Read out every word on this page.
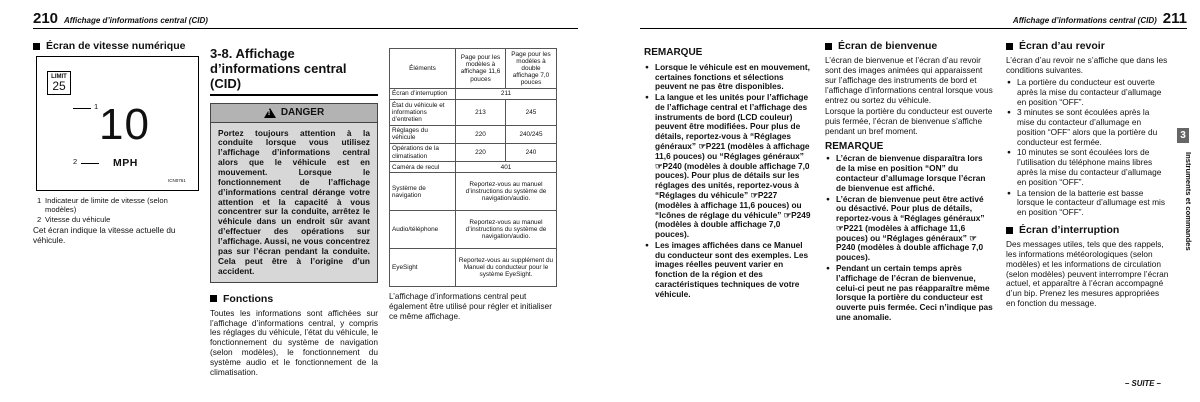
210 Affichage d’informations central (CID)	Affichage d’informations central (CID) 211
Écran de vitesse numérique
LIMIT
25
1
2
10
MPH
ICN0761
1 Indicateur de limite de vitesse (selon modèles)
2 Vitesse du véhicule

Cet écran indique la vitesse actuelle du véhicule.

3-8. Affichage d’informations central (CID)
! DANGER
Portez toujours attention à la conduite lorsque vous utilisez l’affichage d’informations central alors que le véhicule est en mouvement. Lorsque le fonctionnement de l’affichage d’informations central dérange votre attention et la capacité à vous concentrer sur la conduite, arrêtez le véhicule dans un endroit sûr avant d’effectuer des opérations sur l’affichage. Aussi, ne vous concentrez pas sur l’écran pendant la conduite. Cela peut être à l’origine d’un accident.
Fonctions

Toutes les informations sont affichées sur l’affichage d’informations central, y compris les réglages du véhicule, l’état du véhicule, le fonctionnement du système de navigation (selon modèles), le fonctionnement du système audio et le fonctionnement de la climatisation.

Éléments	Page pour les modèles à affichage 11,6 pouces	Page pour les modèles à double affichage 7,0 pouces
Écran d’interruption	211	
État du véhicule et informations d’entretien	213	245
Réglages du véhicule	220	240/245
Opérations de la climatisation	220	240
Caméra de recul	401	
Système de navigation	Reportez-vous au manuel d’instructions du système de navigation/audio.	
Audio/téléphone	Reportez-vous au manuel d’instructions du système de navigation/audio.	
EyeSight	Reportez-vous au supplément du Manuel du conducteur pour le système EyeSight.	

L’affichage d’informations central peut également être utilisé pour régler et initialiser ce même affichage.

REMARQUE
● Lorsque le véhicule est en mouvement, certaines fonctions et sélections peuvent ne pas être disponibles.
● La langue et les unités pour l’affichage de l’affichage central et l’affichage des instruments de bord (LCD couleur) peuvent être modifiées. Pour plus de détails, reportez-vous à “Réglages généraux” ☞P221 (modèles à affichage 11,6 pouces) ou “Réglages généraux” ☞P240 (modèles à double affichage 7,0 pouces). Pour plus de détails sur les réglages des unités, reportez-vous à “Réglages du véhicule” ☞P227 (modèles à affichage 11,6 pouces) ou “Icônes de réglage du véhicule” ☞P249 (modèles à double affichage 7,0 pouces).
● Les images affichées dans ce Manuel du conducteur sont des exemples. Les images réelles peuvent varier en fonction de la région et des caractéristiques techniques de votre véhicule.
Écran de bienvenue

L’écran de bienvenue et l’écran d’au revoir sont des images animées qui apparaissent sur l’affichage des instruments de bord et l’affichage d’informations central lorsque vous entrez ou sortez du véhicule.

Lorsque la portière du conducteur est ouverte puis fermée, l’écran de bienvenue s’affiche pendant un bref moment.

REMARQUE
● L’écran de bienvenue disparaîtra lors de la mise en position “ON” du contacteur d’allumage lorsque l’écran de bienvenue est affiché.
● L’écran de bienvenue peut être activé ou désactivé. Pour plus de détails, reportez-vous à “Réglages généraux” ☞P221 (modèles à affichage 11,6 pouces) ou “Réglages généraux” ☞P240 (modèles à double affichage 7,0 pouces).
● Pendant un certain temps après l’affichage de l’écran de bienvenue, celui-ci peut ne pas réapparaître même lorsque la portière du conducteur est ouverte puis fermée. Ceci n’indique pas une anomalie.
Écran d’au revoir

L’écran d’au revoir ne s’affiche que dans les conditions suivantes.

● La portière du conducteur est ouverte après la mise du contacteur d’allumage en position “OFF”.
● 3 minutes se sont écoulées après la mise du contacteur d’allumage en position “OFF” alors que la portière du conducteur est fermée.
● 10 minutes se sont écoulées lors de l’utilisation du téléphone mains libres après la mise du contacteur d’allumage en position “OFF”.
● La tension de la batterie est basse lorsque le contacteur d’allumage est mis en position “OFF”.
Écran d’interruption

Des messages utiles, tels que des rappels, les informations météorologiques (selon modèles) et les informations de circulation (selon modèles) peuvent interrompre l’écran actuel, et apparaître à l’écran accompagné d’un bip. Prenez les mesures appropriées en fonction du message.

3
Instruments et commandes
– SUITE –
